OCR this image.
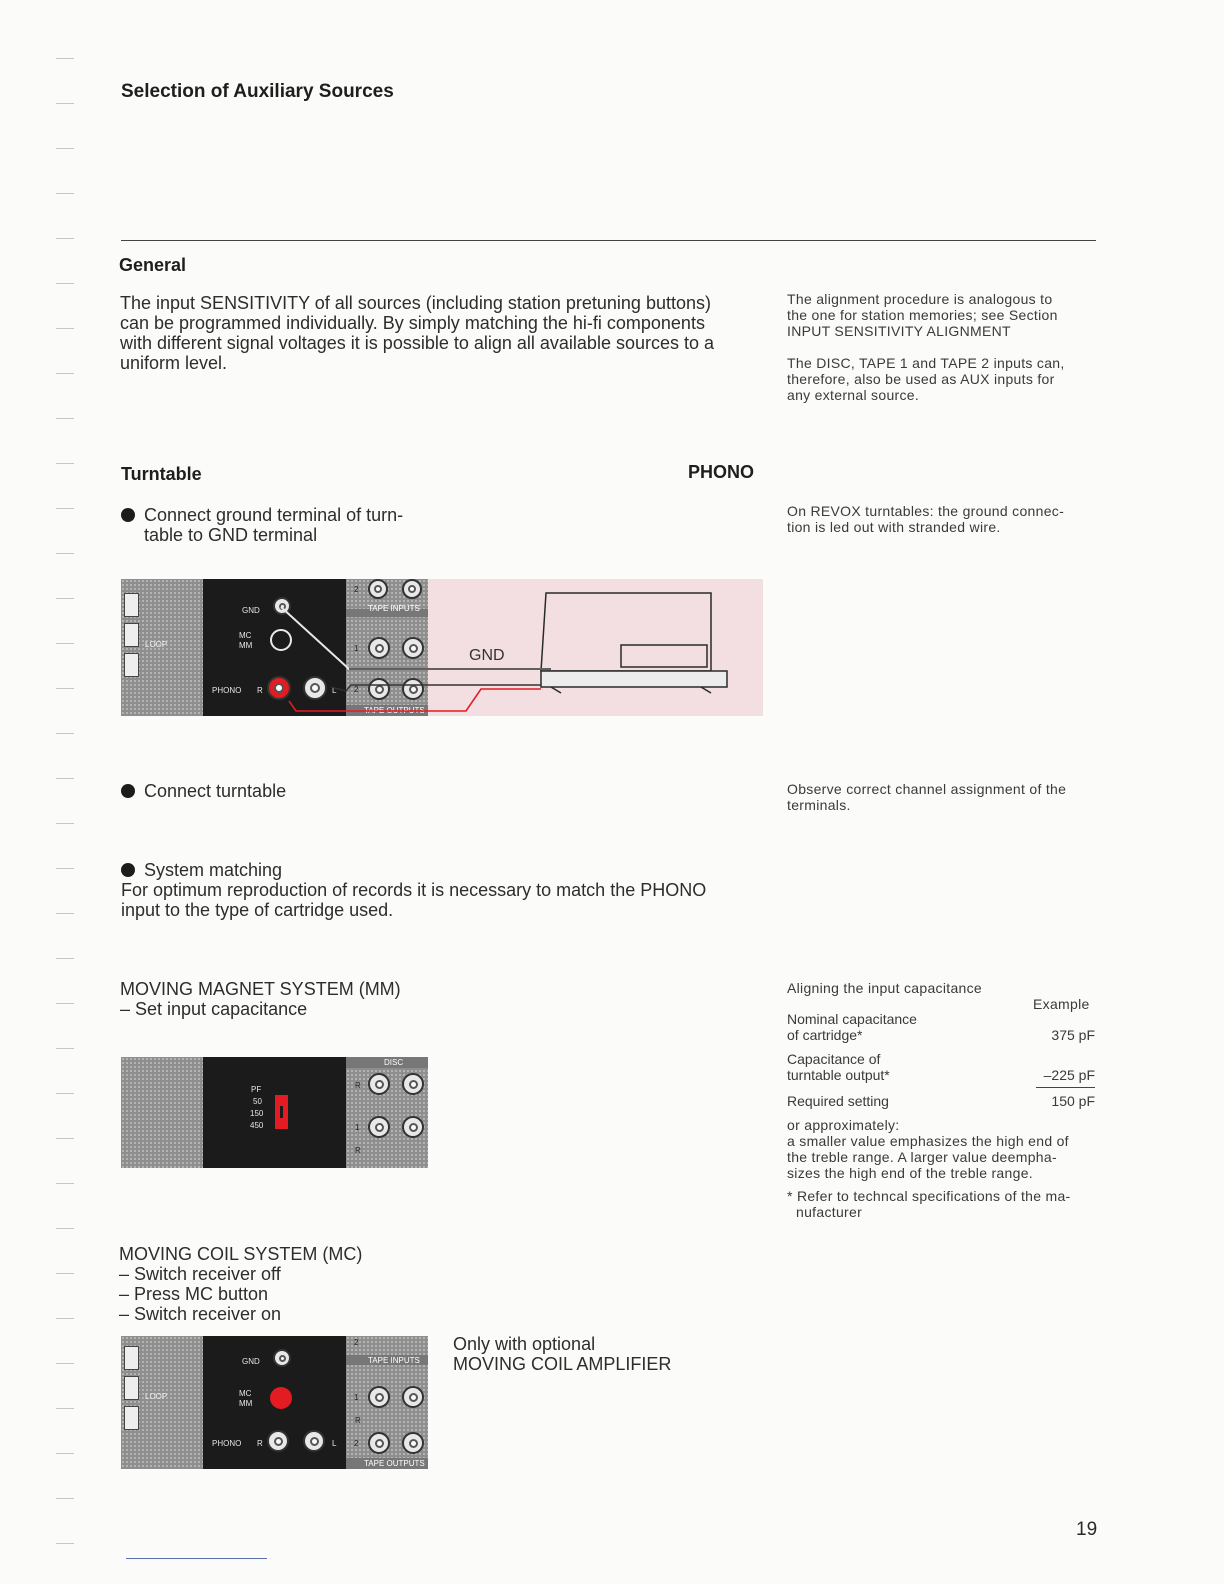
Selection of Auxiliary Sources
General
The input SENSITIVITY of all sources (including station pretuning buttons)
can be programmed individually. By simply matching the hi-fi components
with different signal voltages it is possible to align all available sources to a
uniform level.
The alignment procedure is analogous to
the one for station memories; see Section
INPUT SENSITIVITY ALIGNMENT
The DISC, TAPE 1 and TAPE 2 inputs can,
therefore, also be used as AUX inputs for
any external source.
Turntable	PHONO
Connect ground terminal of turn-
table to GND terminal
On REVOX turntables: the ground connec-
tion is led out with stranded wire.
LOOP
GND
MC
MM
PHONO R	L
TAPE INPUTS
2
1
2
TAPE OUTPUTS
GND
Connect turntable	Observe correct channel assignment of the
terminals.
System matching
For optimum reproduction of records it is necessary to match the PHONO
input to the type of cartridge used.
MOVING MAGNET SYSTEM (MM)
– Set input capacitance
PF
50
150
450
DISC
R
1
R
Aligning the input capacitance
Example
Nominal capacitance
of cartridge*	375 pF
Capacitance of
turntable output*	–225 pF
Required setting	150 pF
or approximately:
a smaller value emphasizes the high end of
the treble range. A larger value deempha-
sizes the high end of the treble range.
* Refer to techncal specifications of the ma-
nufacturer
MOVING COIL SYSTEM (MC)
– Switch receiver off
– Press MC button
– Switch receiver on
Only with optional
MOVING COIL AMPLIFIER
LOOP
GND
MC
MM
PHONO R	L
TAPE INPUTS
2
1
R
2
TAPE OUTPUTS
19
